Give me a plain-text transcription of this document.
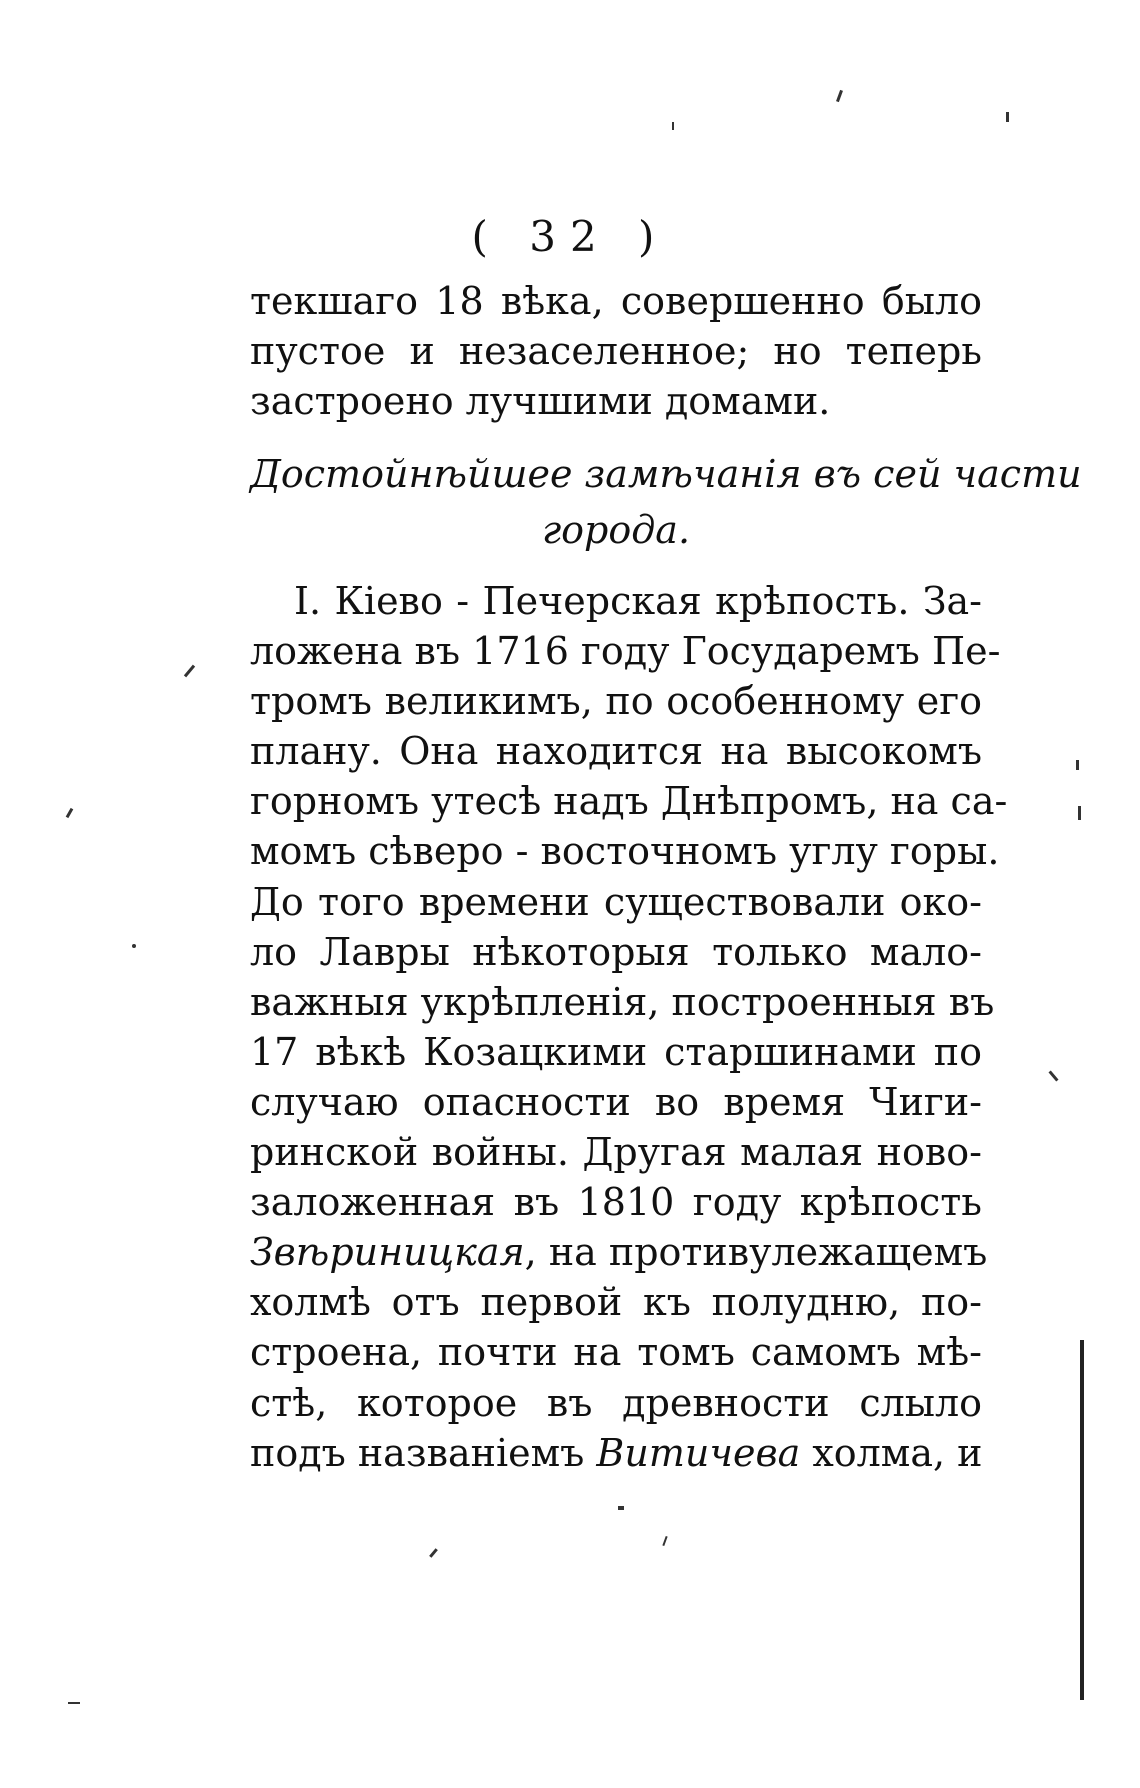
( 32 )
текшаго 18 вѣка, совершенно было
пустое и незаселенное; но теперь
застроено лучшими домами.
Достойнѣйшее замѣчанія въ сей части
города.
I. Кіево - Печерская крѣпость. За-
ложена въ 1716 году Государемъ Пе-
тромъ великимъ, по особенному его
плану. Она находится на высокомъ
горномъ утесѣ надъ Днѣпромъ, на са-
момъ сѣверо - восточномъ углу горы.
До того времени существовали око-
ло Лавры нѣкоторыя только мало-
важныя укрѣпленія, построенныя въ
17 вѣкѣ Козацкими старшинами по
случаю опасности во время Чиги-
ринской войны. Другая малая ново-
заложенная въ 1810 году крѣпость
Звѣриницкая, на противулежащемъ
холмѣ отъ первой къ полудню, по-
строена, почти на томъ самомъ мѣ-
стѣ, которое въ древности слыло
подъ названіемъ Витичева холма, и
